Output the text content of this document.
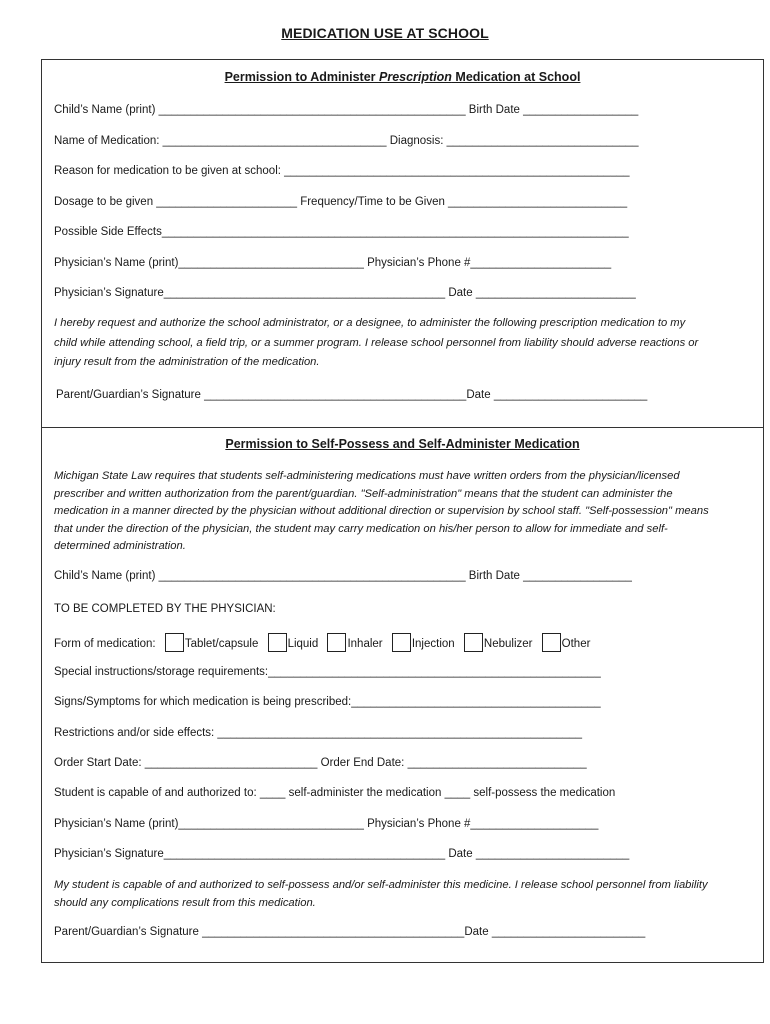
MEDICATION USE AT SCHOOL
Permission to Administer Prescription Medication at School
Child’s Name (print) ________________________________________________ Birth Date __________________
Name of Medication: ___________________________________ Diagnosis: ______________________________
Reason for medication to be given at school: ______________________________________________________
Dosage to be given ______________________ Frequency/Time to be Given ____________________________
Possible Side Effects_________________________________________________________________________
Physician’s Name (print)_____________________________ Physician’s Phone #______________________
Physician’s Signature____________________________________________ Date _________________________
I hereby request and authorize the school administrator, or a designee, to administer the following prescription medication to my child while attending school, a field trip, or a summer program. I release school personnel from liability should adverse reactions or injury result from the administration of the medication.
Parent/Guardian’s Signature _________________________________________Date ________________________
Permission to Self-Possess and Self-Administer Medication
Michigan State Law requires that students self-administering medications must have written orders from the physician/licensed prescriber and written authorization from the parent/guardian. "Self-administration" means that the student can administer the medication in a manner directed by the physician without additional direction or supervision by school staff. "Self-possession" means that under the direction of the physician, the student may carry medication on his/her person to allow for immediate and self-determined administration.
Child’s Name (print) ________________________________________________ Birth Date _________________
TO BE COMPLETED BY THE PHYSICIAN:
Form of medication:	Tablet/capsule	Liquid	Inhaler	Injection	Nebulizer	Other
Special instructions/storage requirements:____________________________________________________
Signs/Symptoms for which medication is being prescribed:_______________________________________
Restrictions and/or side effects: _________________________________________________________
Order Start Date: ___________________________ Order End Date: ____________________________
Student is capable of and authorized to: ____ self-administer the medication ____ self-possess the medication
Physician’s Name (print)_____________________________ Physician’s Phone #____________________
Physician’s Signature____________________________________________ Date ________________________
My student is capable of and authorized to self-possess and/or self-administer this medicine. I release school personnel from liability should any complications result from this medication.
Parent/Guardian’s Signature _________________________________________Date ________________________
